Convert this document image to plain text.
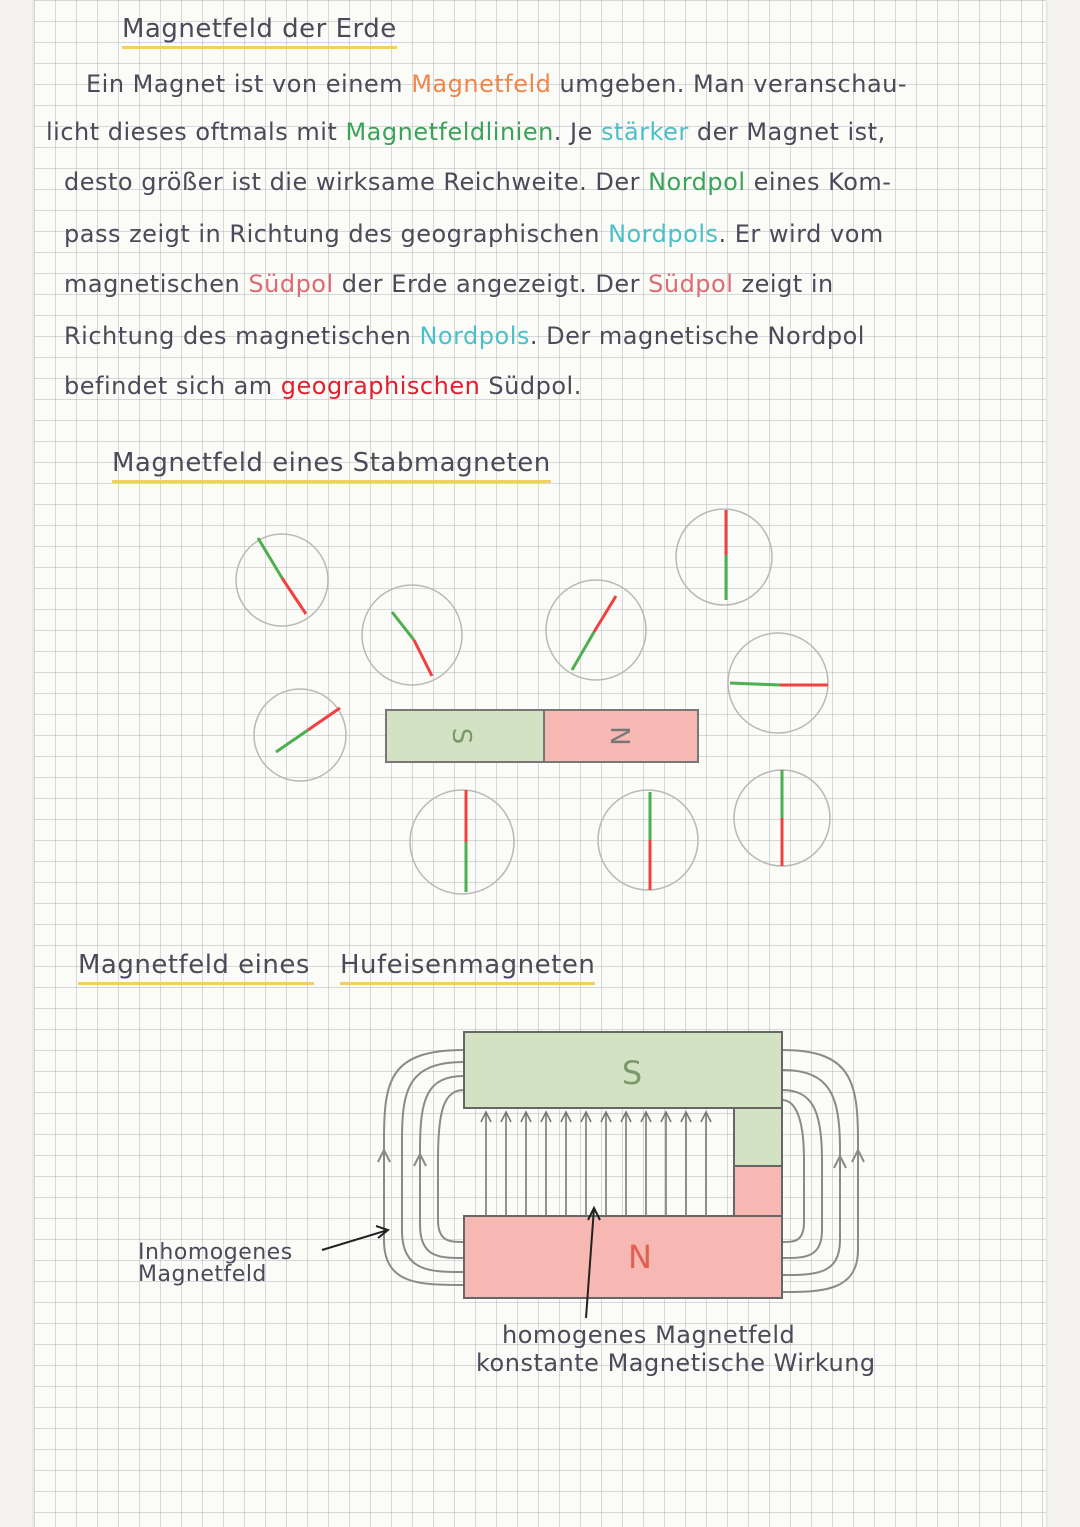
Magnetfeld der Erde
Ein Magnet ist von einem Magnetfeld umgeben. Man veranschau-
licht dieses oftmals mit Magnetfeldlinien. Je stärker der Magnet ist,
desto größer ist die wirksame Reichweite. Der Nordpol eines Kom-
pass zeigt in Richtung des geographischen Nordpols. Er wird vom
magnetischen Südpol der Erde angezeigt. Der Südpol zeigt in
Richtung des magnetischen Nordpols. Der magnetische Nordpol
befindet sich am geographischen Südpol.
Magnetfeld eines Stabmagneten
Magnetfeld eines Hufeisenmagneten
S	N
S
N
Inhomogenes
Magnetfeld
homogenes Magnetfeld
konstante Magnetische Wirkung
